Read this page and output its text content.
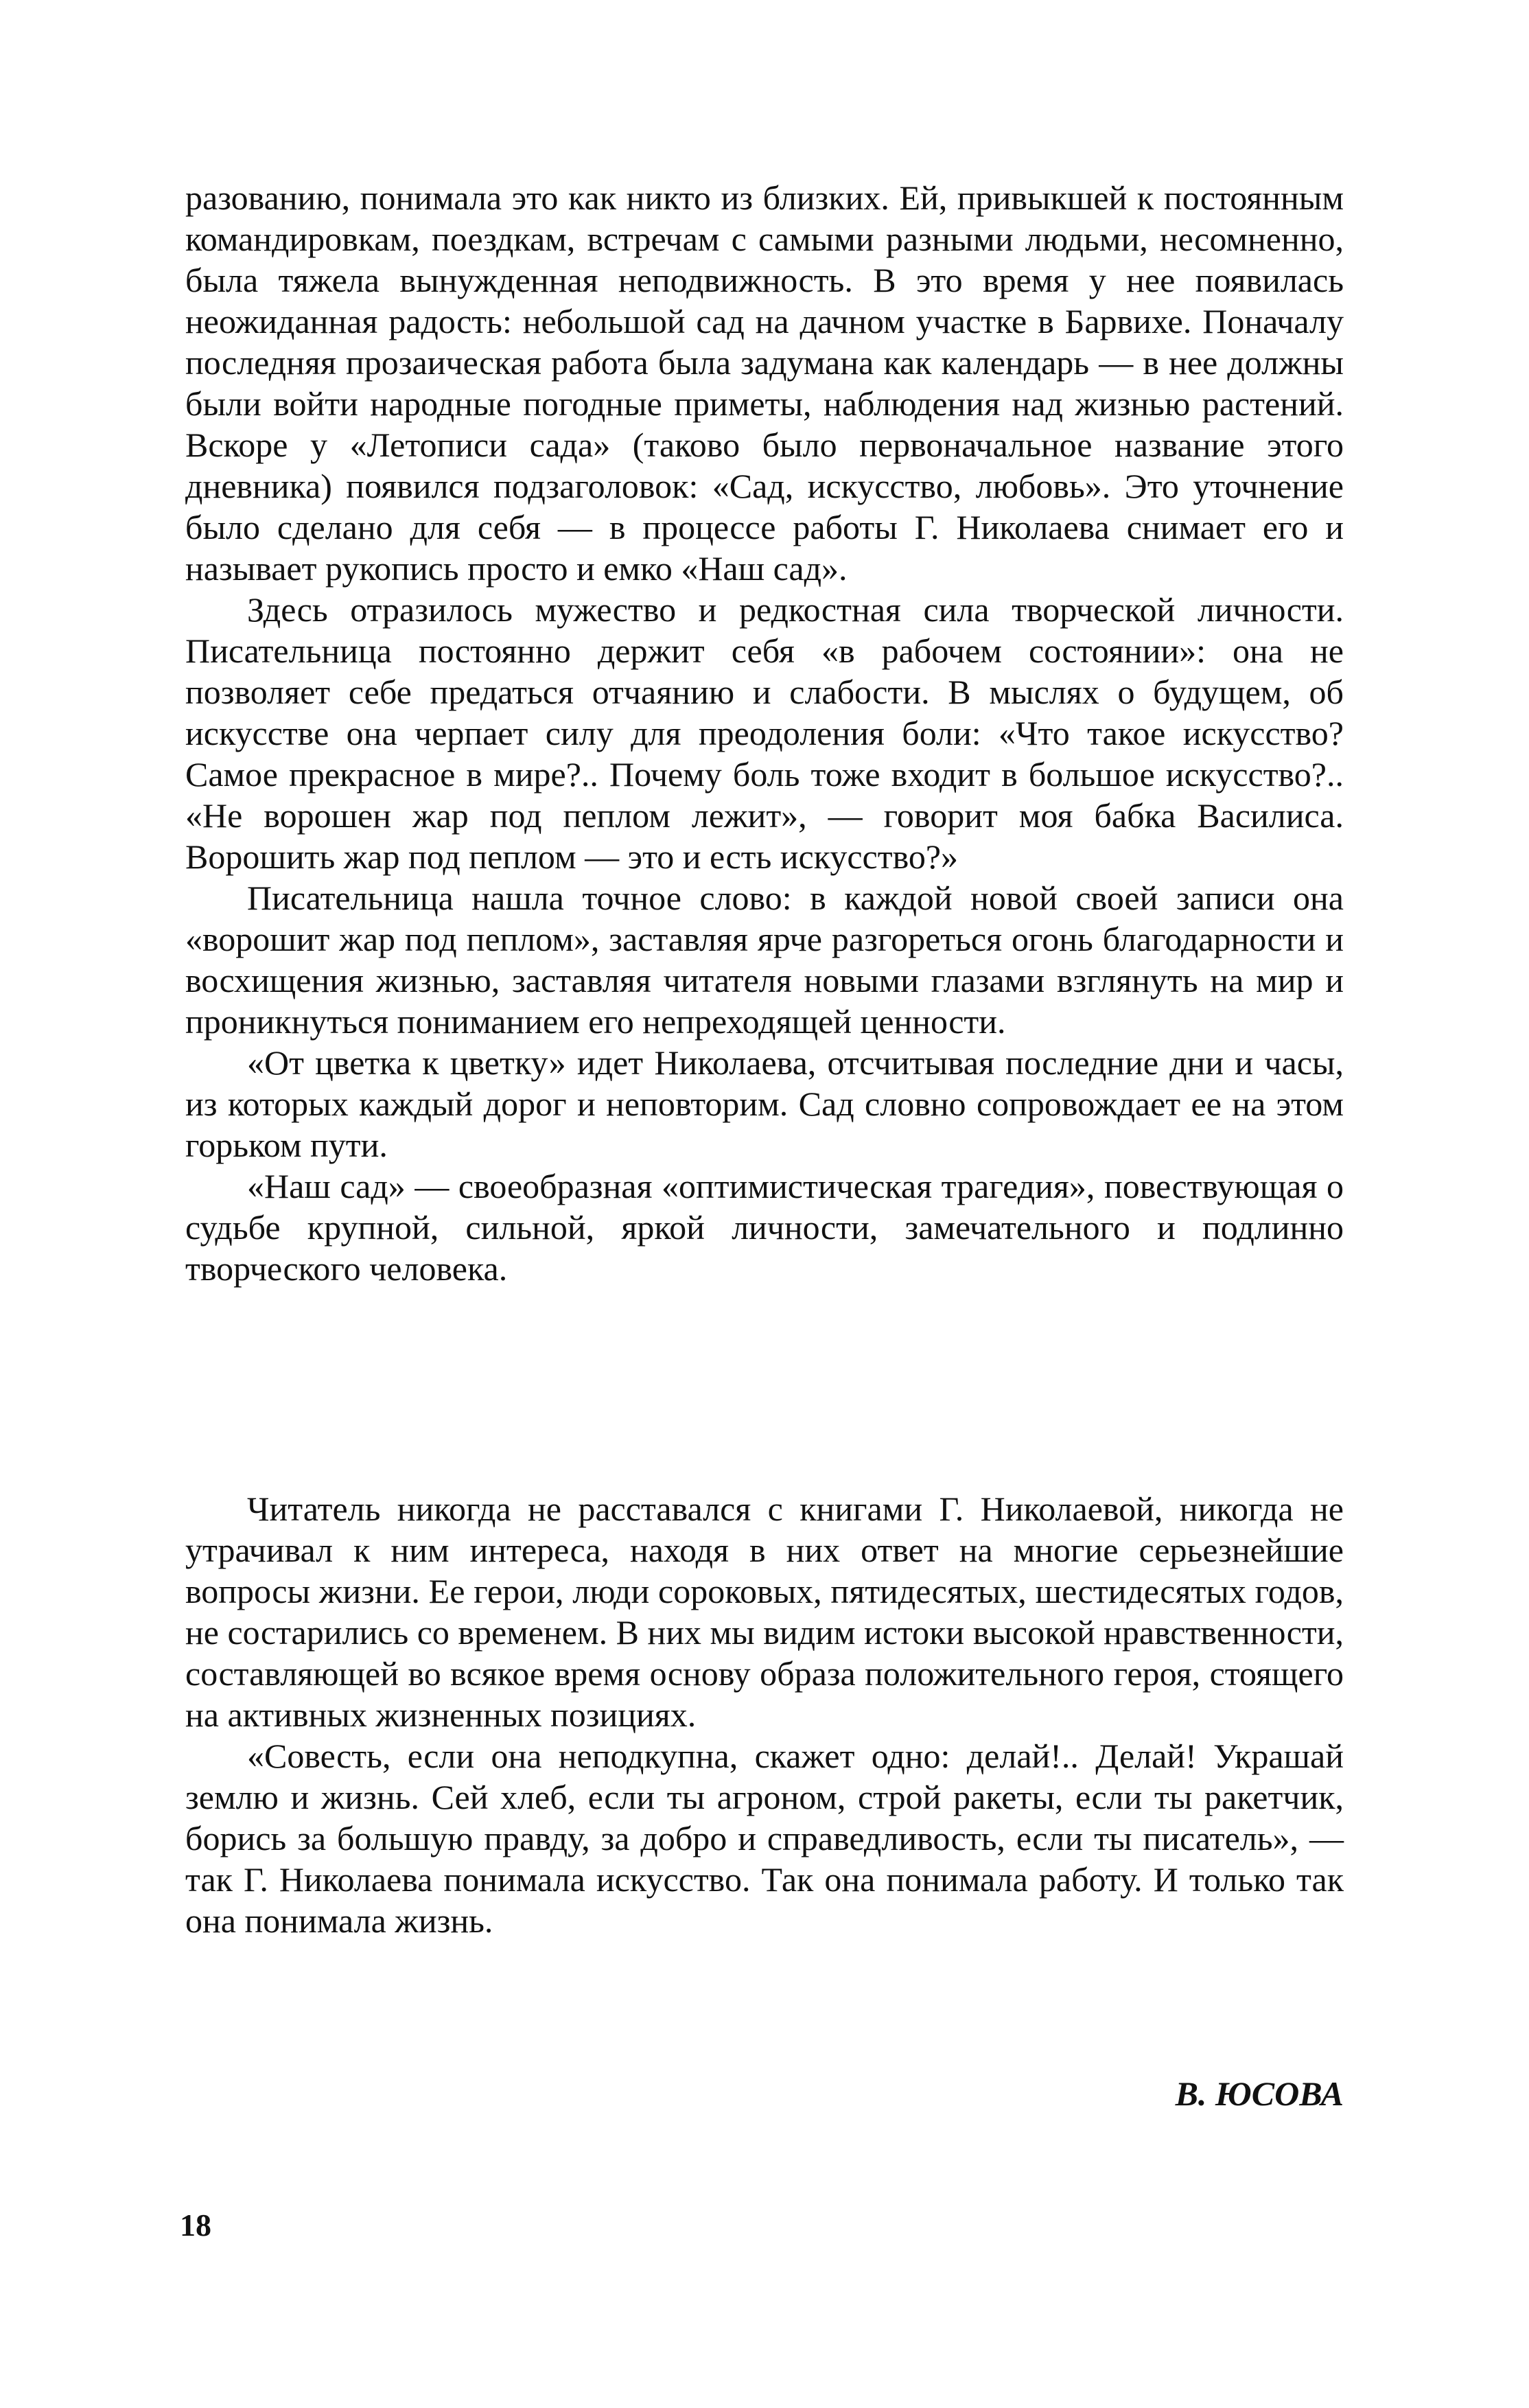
разованию, понимала это как никто из близких. Ей, привыкшей к постоянным командировкам, поездкам, встречам с самыми разными людьми, несомненно, была тяжела вынужденная неподвижность. В это время у нее появилась неожиданная радость: небольшой сад на дачном участке в Барвихе. Поначалу последняя прозаическая работа была задумана как календарь — в нее должны были войти народные погодные приметы, наблюдения над жизнью растений. Вскоре у «Летописи сада» (таково было первоначальное название этого дневника) появился подзаголовок: «Сад, искусство, любовь». Это уточнение было сделано для себя — в процессе работы Г. Николаева снимает его и называет рукопись просто и емко «Наш сад».

Здесь отразилось мужество и редкостная сила творческой личности. Писательница постоянно держит себя «в рабочем состоянии»: она не позволяет себе предаться отчаянию и слабости. В мыслях о будущем, об искусстве она черпает силу для преодоления боли: «Что такое искусство? Самое прекрасное в мире?.. Почему боль тоже входит в большое искусство?.. «Не ворошен жар под пеплом лежит», — говорит моя бабка Василиса. Ворошить жар под пеплом — это и есть искусство?»

Писательница нашла точное слово: в каждой новой своей записи она «ворошит жар под пеплом», заставляя ярче разгореться огонь благодарности и восхищения жизнью, заставляя читателя новыми глазами взглянуть на мир и проникнуться пониманием его непреходящей ценности.

«От цветка к цветку» идет Николаева, отсчитывая последние дни и часы, из которых каждый дорог и неповторим. Сад словно сопровождает ее на этом горьком пути.

«Наш сад» — своеобразная «оптимистическая трагедия», повествующая о судьбе крупной, сильной, яркой личности, замечательного и подлинно творческого человека.

Читатель никогда не расставался с книгами Г. Николаевой, никогда не утрачивал к ним интереса, находя в них ответ на многие серьезнейшие вопросы жизни. Ее герои, люди сороковых, пятидесятых, шестидесятых годов, не состарились со временем. В них мы видим истоки высокой нравственности, составляющей во всякое время основу образа положительного героя, стоящего на активных жизненных позициях.

«Совесть, если она неподкупна, скажет одно: делай!.. Делай! Украшай землю и жизнь. Сей хлеб, если ты агроном, строй ракеты, если ты ракетчик, борись за большую правду, за добро и справедливость, если ты писатель», — так Г. Николаева понимала искусство. Так она понимала работу. И только так она понимала жизнь.

В. ЮСОВА
18
